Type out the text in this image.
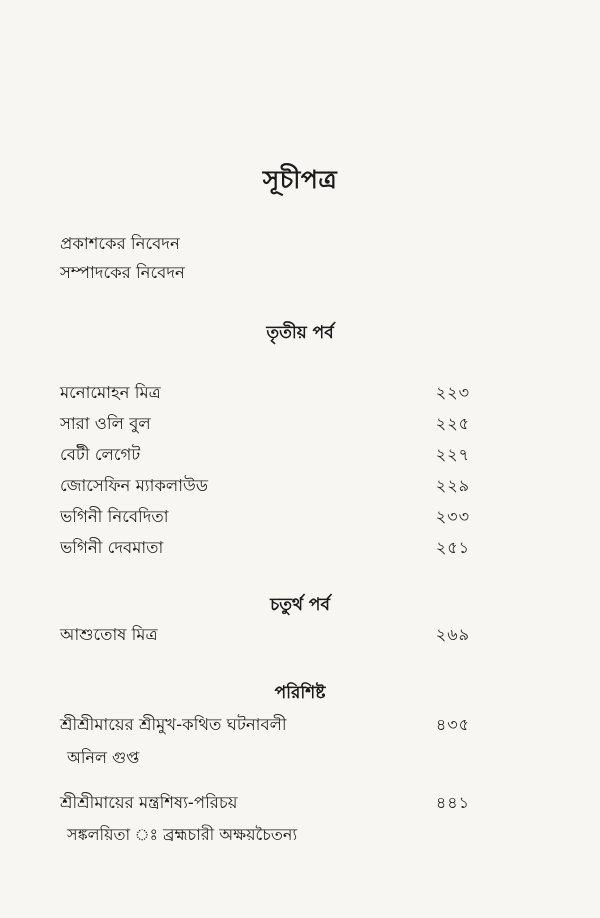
সূচীপত্র
প্রকাশকের নিবেদন
সম্পাদকের নিবেদন
তৃতীয় পর্ব
মনোমোহন মিত্র	২২৩
সারা ওলি বুল	২২৫
বেটী লেগেট	২২৭
জোসেফিন ম্যাকলাউড	২২৯
ভগিনী নিবেদিতা	২৩৩
ভগিনী দেবমাতা	২৫১
চতুর্থ পর্ব
আশুতোষ মিত্র	২৬৯
পরিশিষ্ট
শ্রীশ্রীমায়ের শ্রীমুখ-কথিত ঘটনাবলী	৪৩৫
অনিল গুপ্ত
শ্রীশ্রীমায়ের মন্ত্রশিষ্য-পরিচয়	৪৪১
সঙ্কলয়িতা ঃ ব্রহ্মচারী অক্ষয়চৈতন্য
